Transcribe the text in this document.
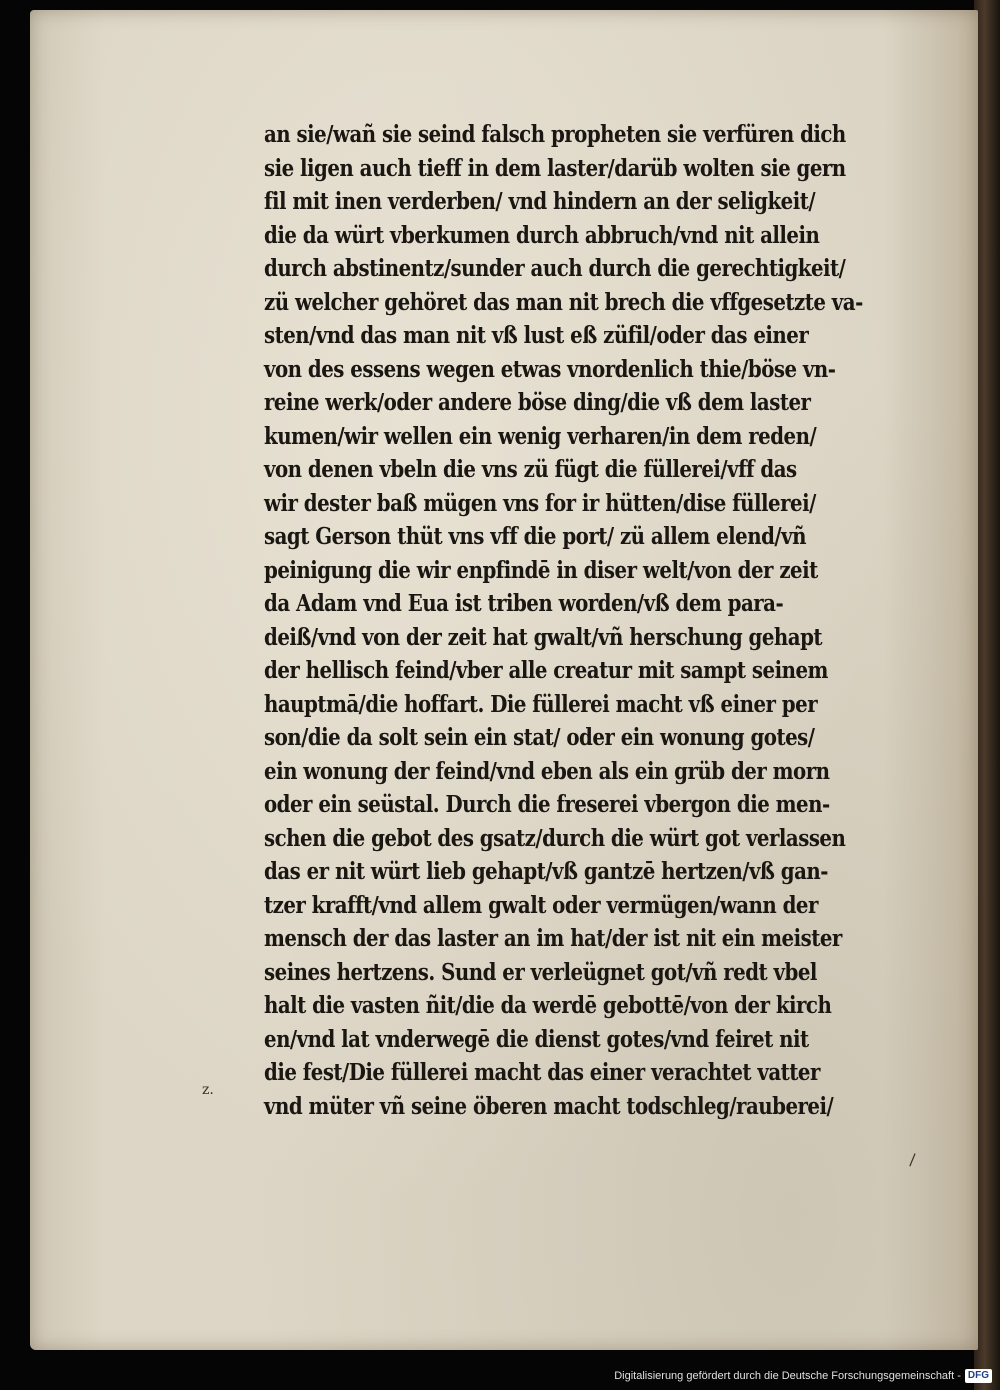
an sie/wañ sie seind falsch propheten sie verfüren dich
sie ligen auch tieff in dem laster/darüb wolten sie gern
fil mit inen verderben/ vnd hindern an der seligkeit/
die da würt vberkumen durch abbruch/vnd nit allein
durch abstinentz/sunder auch durch die gerechtigkeit/
zü welcher gehöret das man nit brech die vffgesetzte va-
sten/vnd das man nit vß lust eß züfil/oder das einer
von des essens wegen etwas vnordenlich thie/böse vn-
reine werk/oder andere böse ding/die vß dem laster
kumen/wir wellen ein wenig verharen/in dem reden/
von denen vbeln die vns zü fügt die füllerei/vff das
wir dester baß mügen vns for ir hütten/dise füllerei/
sagt Gerson thüt vns vff die port/ zü allem elend/vñ
peinigung die wir enpfindē in diser welt/von der zeit
da Adam vnd Eua ist triben worden/vß dem para-
deiß/vnd von der zeit hat gwalt/vñ herschung gehapt
der hellisch feind/vber alle creatur mit sampt seinem
hauptmā/die hoffart. Die füllerei macht vß einer per
son/die da solt sein ein stat/ oder ein wonung gotes/
ein wonung der feind/vnd eben als ein grüb der morn
oder ein seüstal. Durch die freserei vbergon die men-
schen die gebot des gsatz/durch die würt got verlassen
das er nit würt lieb gehapt/vß gantzē hertzen/vß gan-
tzer krafft/vnd allem gwalt oder vermügen/wann der
mensch der das laster an im hat/der ist nit ein meister
seines hertzens. Sund er verleügnet got/vñ redt vbel
halt die vasten ñit/die da werdē gebottē/von der kirch
en/vnd lat vnderwegē die dienst gotes/vnd feiret nit
die fest/Die füllerei macht das einer verachtet vatter
vnd müter vñ seine öberen macht todschleg/rauberei/
z.
\
Digitalisierung gefördert durch die Deutsche Forschungsgemeinschaft - DFG
